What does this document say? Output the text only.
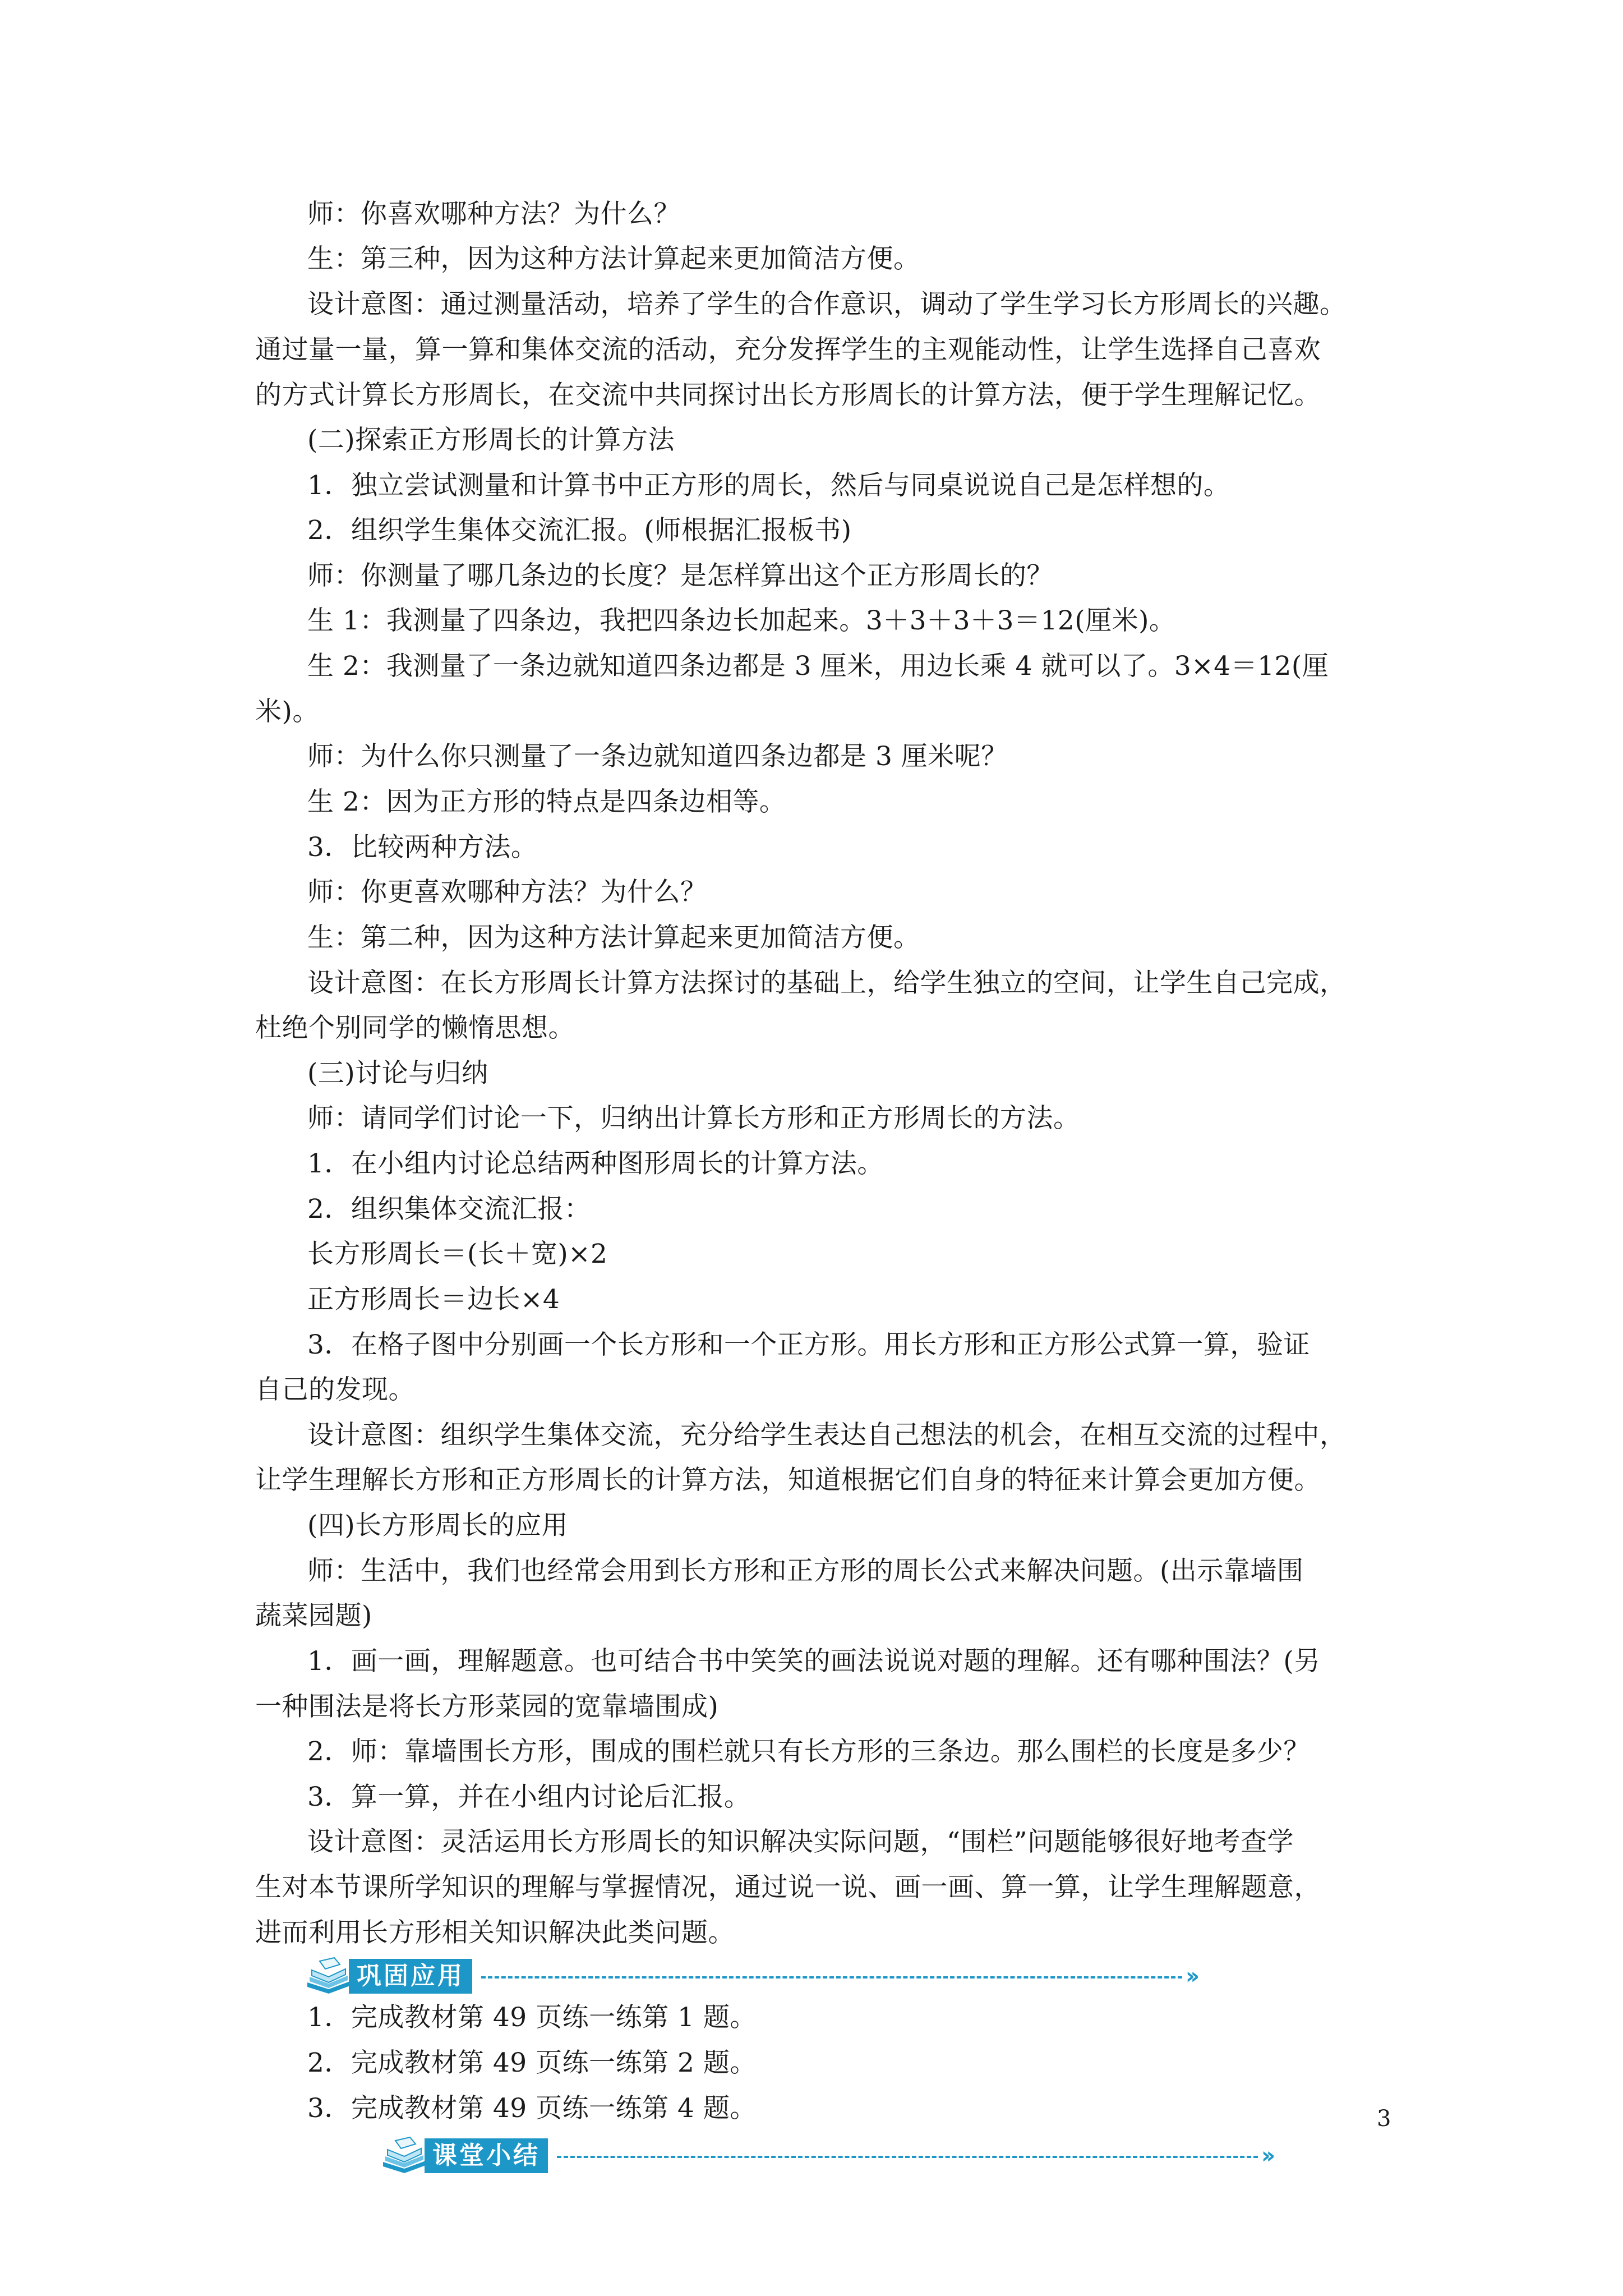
师：你喜欢哪种方法？为什么？
生：第三种，因为这种方法计算起来更加简洁方便。
设计意图：通过测量活动，培养了学生的合作意识，调动了学生学习长方形周长的兴趣。
通过量一量，算一算和集体交流的活动，充分发挥学生的主观能动性，让学生选择自己喜欢
的方式计算长方形周长，在交流中共同探讨出长方形周长的计算方法，便于学生理解记忆。
(二)探索正方形周长的计算方法
1．独立尝试测量和计算书中正方形的周长，然后与同桌说说自己是怎样想的。
2．组织学生集体交流汇报。(师根据汇报板书)
师：你测量了哪几条边的长度？是怎样算出这个正方形周长的？
生 1：我测量了四条边，我把四条边长加起来。3＋3＋3＋3＝12(厘米)。
生 2：我测量了一条边就知道四条边都是 3 厘米，用边长乘 4 就可以了。3×4＝12(厘
米)。
师：为什么你只测量了一条边就知道四条边都是 3 厘米呢？
生 2：因为正方形的特点是四条边相等。
3．比较两种方法。
师：你更喜欢哪种方法？为什么？
生：第二种，因为这种方法计算起来更加简洁方便。
设计意图：在长方形周长计算方法探讨的基础上，给学生独立的空间，让学生自己完成，
杜绝个别同学的懒惰思想。
(三)讨论与归纳
师：请同学们讨论一下，归纳出计算长方形和正方形周长的方法。
1．在小组内讨论总结两种图形周长的计算方法。
2．组织集体交流汇报：
长方形周长＝(长＋宽)×2
正方形周长＝边长×4
3．在格子图中分别画一个长方形和一个正方形。用长方形和正方形公式算一算，验证
自己的发现。
设计意图：组织学生集体交流，充分给学生表达自己想法的机会，在相互交流的过程中，
让学生理解长方形和正方形周长的计算方法，知道根据它们自身的特征来计算会更加方便。
(四)长方形周长的应用
师：生活中，我们也经常会用到长方形和正方形的周长公式来解决问题。(出示靠墙围
蔬菜园题)
1．画一画，理解题意。也可结合书中笑笑的画法说说对题的理解。还有哪种围法？(另
一种围法是将长方形菜园的宽靠墙围成)
2．师：靠墙围长方形，围成的围栏就只有长方形的三条边。那么围栏的长度是多少？
3．算一算，并在小组内讨论后汇报。
设计意图：灵活运用长方形周长的知识解决实际问题，“围栏”问题能够很好地考查学
生对本节课所学知识的理解与掌握情况，通过说一说、画一画、算一算，让学生理解题意，
进而利用长方形相关知识解决此类问题。
巩固应用	››
1．完成教材第 49 页练一练第 1 题。
2．完成教材第 49 页练一练第 2 题。
3．完成教材第 49 页练一练第 4 题。
课堂小结	››
3
